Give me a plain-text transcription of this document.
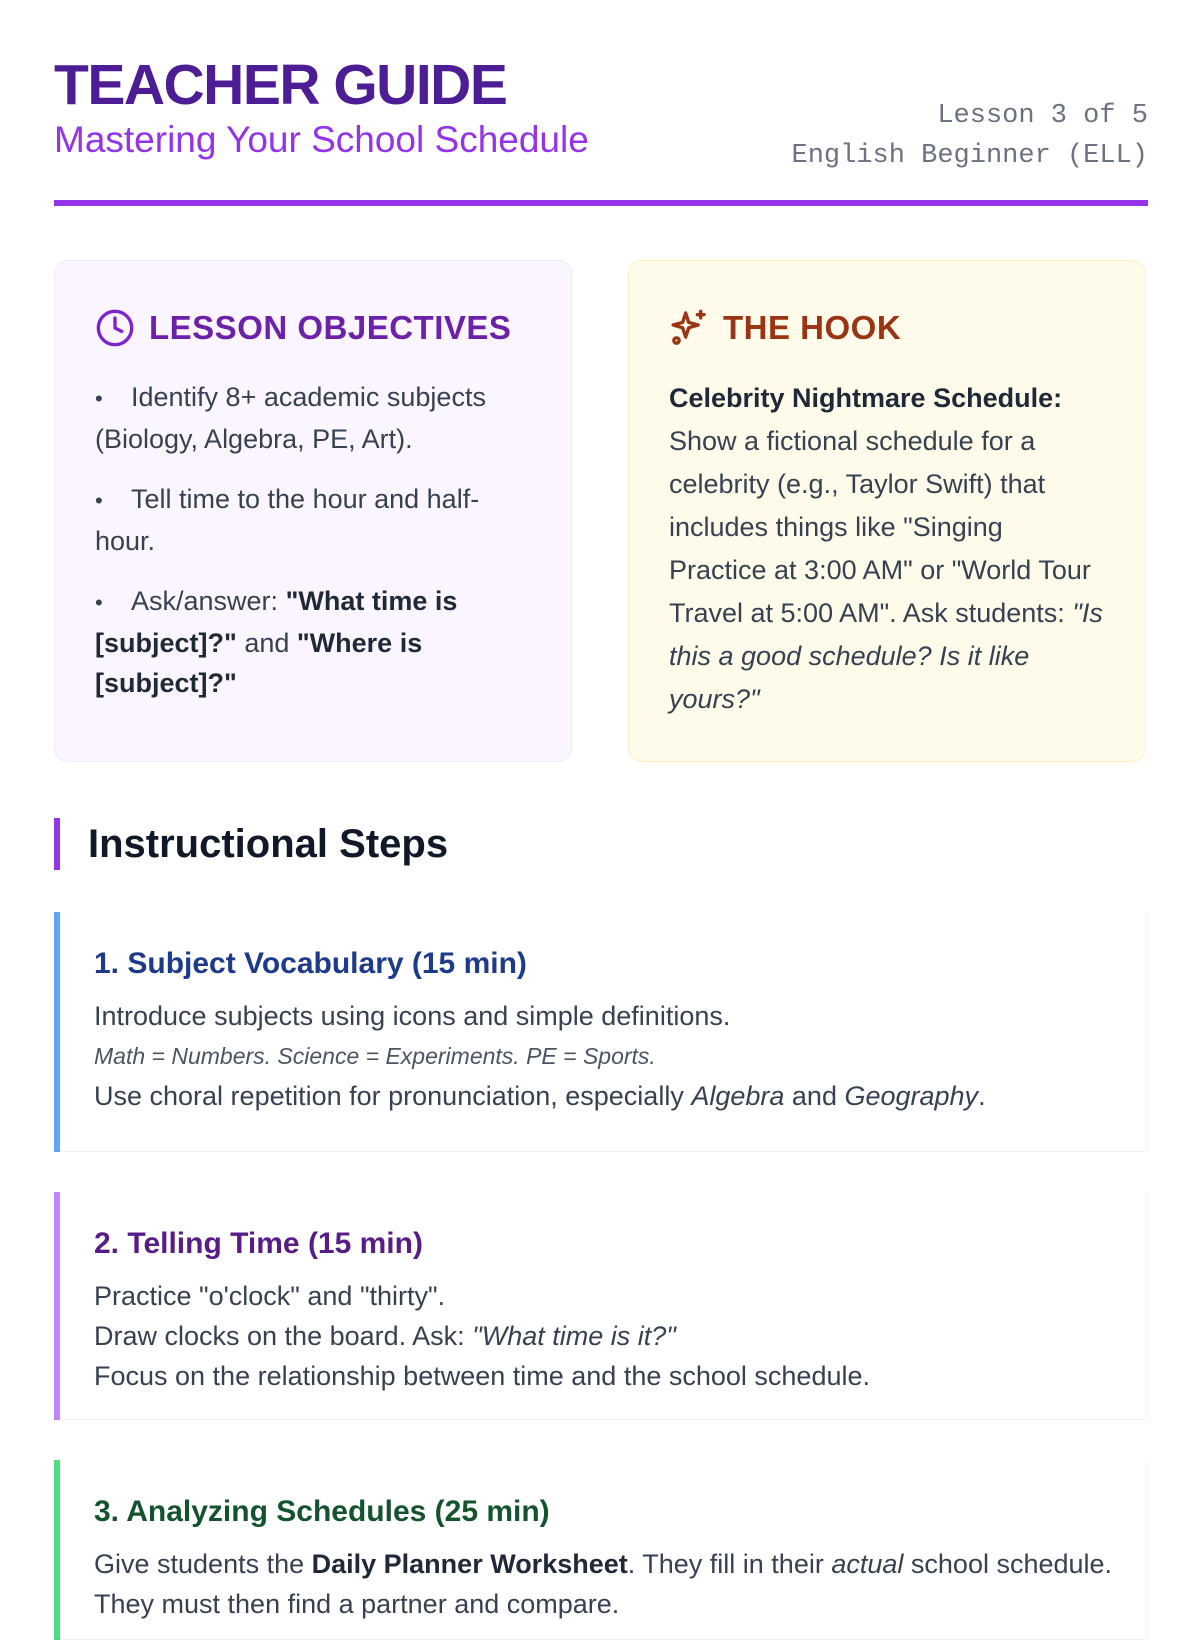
TEACHER GUIDE

Mastering Your School Schedule

Lesson 3 of 5
English Beginner (ELL)
LESSON OBJECTIVES
• Identify 8+ academic subjects (Biology, Algebra, PE, Art).
• Tell time to the hour and half-hour.
• Ask/answer: "What time is [subject]?" and "Where is [subject]?"
THE HOOK

Celebrity Nightmare Schedule: Show a fictional schedule for a celebrity (e.g., Taylor Swift) that includes things like "Singing Practice at 3:00 AM" or "World Tour Travel at 5:00 AM". Ask students: "Is this a good schedule? Is it like yours?"

Instructional Steps
1. Subject Vocabulary (15 min)

Introduce subjects using icons and simple definitions.

Math = Numbers. Science = Experiments. PE = Sports.

Use choral repetition for pronunciation, especially Algebra and Geography.

2. Telling Time (15 min)

Practice "o'clock" and "thirty".

Draw clocks on the board. Ask: "What time is it?"

Focus on the relationship between time and the school schedule.

3. Analyzing Schedules (25 min)

Give students the Daily Planner Worksheet. They fill in their actual school schedule. They must then find a partner and compare.
